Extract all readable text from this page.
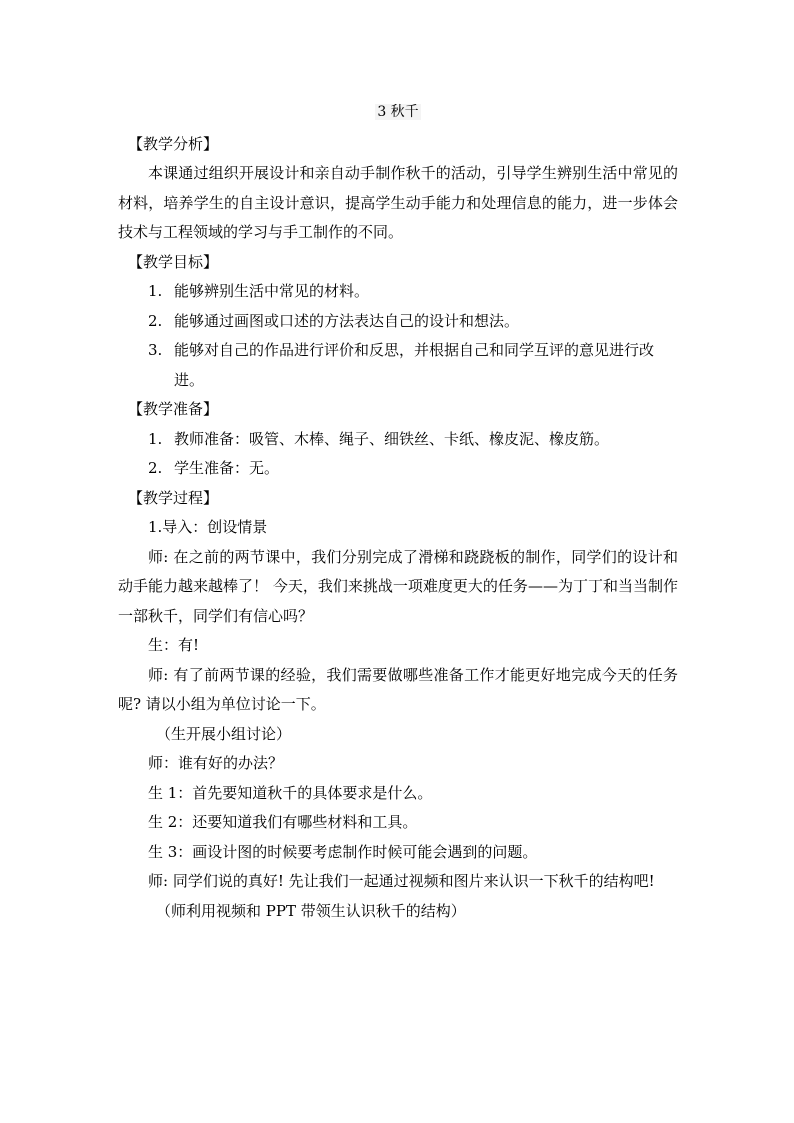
3 秋千

【教学分析】

本课通过组织开展设计和亲自动手制作秋千的活动，引导学生辨别生活中常见的材料，培养学生的自主设计意识，提高学生动手能力和处理信息的能力，进一步体会技术与工程领域的学习与手工制作的不同。

【教学目标】

1. 能够辨别生活中常见的材料。
2. 能够通过画图或口述的方法表达自己的设计和想法。
3. 能够对自己的作品进行评价和反思，并根据自己和同学互评的意见进行改进。

【教学准备】

1. 教师准备：吸管、木棒、绳子、细铁丝、卡纸、橡皮泥、橡皮筋。
2. 学生准备：无。

【教学过程】

1.导入：创设情景

师: 在之前的两节课中，我们分别完成了滑梯和跷跷板的制作，同学们的设计和动手能力越来越棒了！ 今天，我们来挑战一项难度更大的任务——为丁丁和当当制作一部秋千，同学们有信心吗？

生：有!

师: 有了前两节课的经验，我们需要做哪些准备工作才能更好地完成今天的任务呢? 请以小组为单位讨论一下。

（生开展小组讨论）

师：谁有好的办法？

生 1：首先要知道秋千的具体要求是什么。

生 2：还要知道我们有哪些材料和工具。

生 3：画设计图的时候要考虑制作时候可能会遇到的问题。

师: 同学们说的真好! 先让我们一起通过视频和图片来认识一下秋千的结构吧!

（师利用视频和 PPT 带领生认识秋千的结构）
